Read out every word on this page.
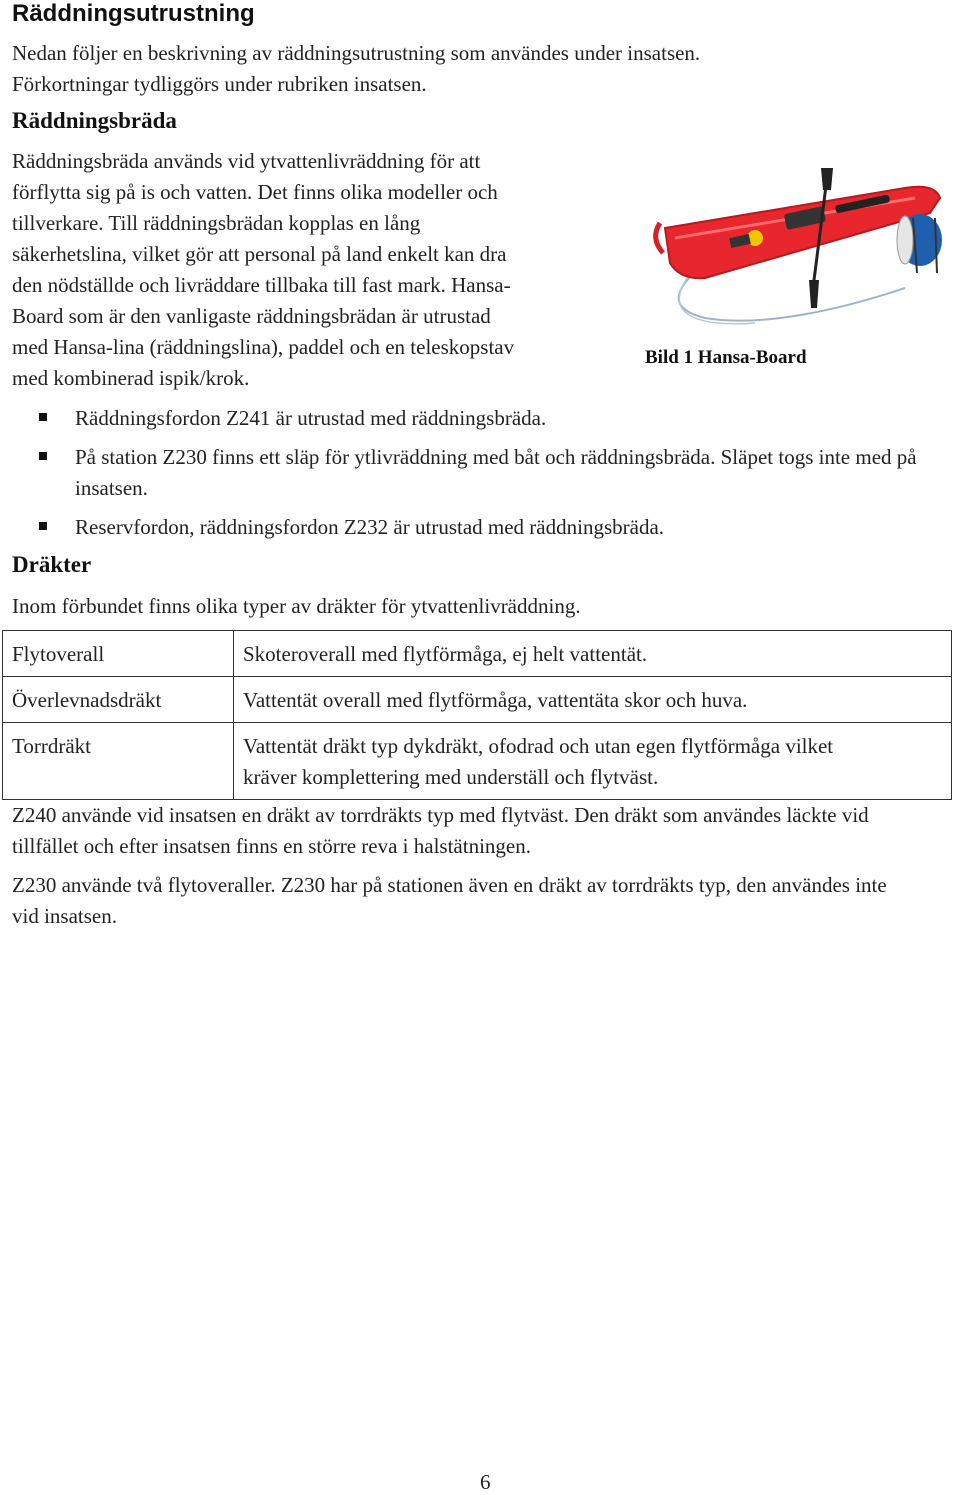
Räddningsutrustning
Nedan följer en beskrivning av räddningsutrustning som användes under insatsen.
Förkortningar tydliggörs under rubriken insatsen.
Räddningsbräda
Räddningsbräda används vid ytvattenlivräddning för att
förflytta sig på is och vatten. Det finns olika modeller och
tillverkare. Till räddningsbrädan kopplas en lång
säkerhetslina, vilket gör att personal på land enkelt kan dra
den nödställde och livräddare tillbaka till fast mark. Hansa-
Board som är den vanligaste räddningsbrädan är utrustad
med Hansa-lina (räddningslina), paddel och en teleskopstav
med kombinerad ispik/krok.
Bild 1 Hansa-Board
Räddningsfordon Z241 är utrustad med räddningsbräda.
På station Z230 finns ett släp för ytlivräddning med båt och räddningsbräda. Släpet togs inte med på insatsen.
Reservfordon, räddningsfordon Z232 är utrustad med räddningsbräda.
Dräkter
Inom förbundet finns olika typer av dräkter för ytvattenlivräddning.
Flytoverall	Skoteroverall med flytförmåga, ej helt vattentät.
Överlevnadsdräkt	Vattentät overall med flytförmåga, vattentäta skor och huva.
Torrdräkt	Vattentät dräkt typ dykdräkt, ofodrad och utan egen flytförmåga vilket kräver komplettering med underställ och flytväst.
Z240 använde vid insatsen en dräkt av torrdräkts typ med flytväst. Den dräkt som användes läckte vid tillfället och efter insatsen finns en större reva i halstätningen.
Z230 använde två flytoveraller. Z230 har på stationen även en dräkt av torrdräkts typ, den användes inte vid insatsen.
6
